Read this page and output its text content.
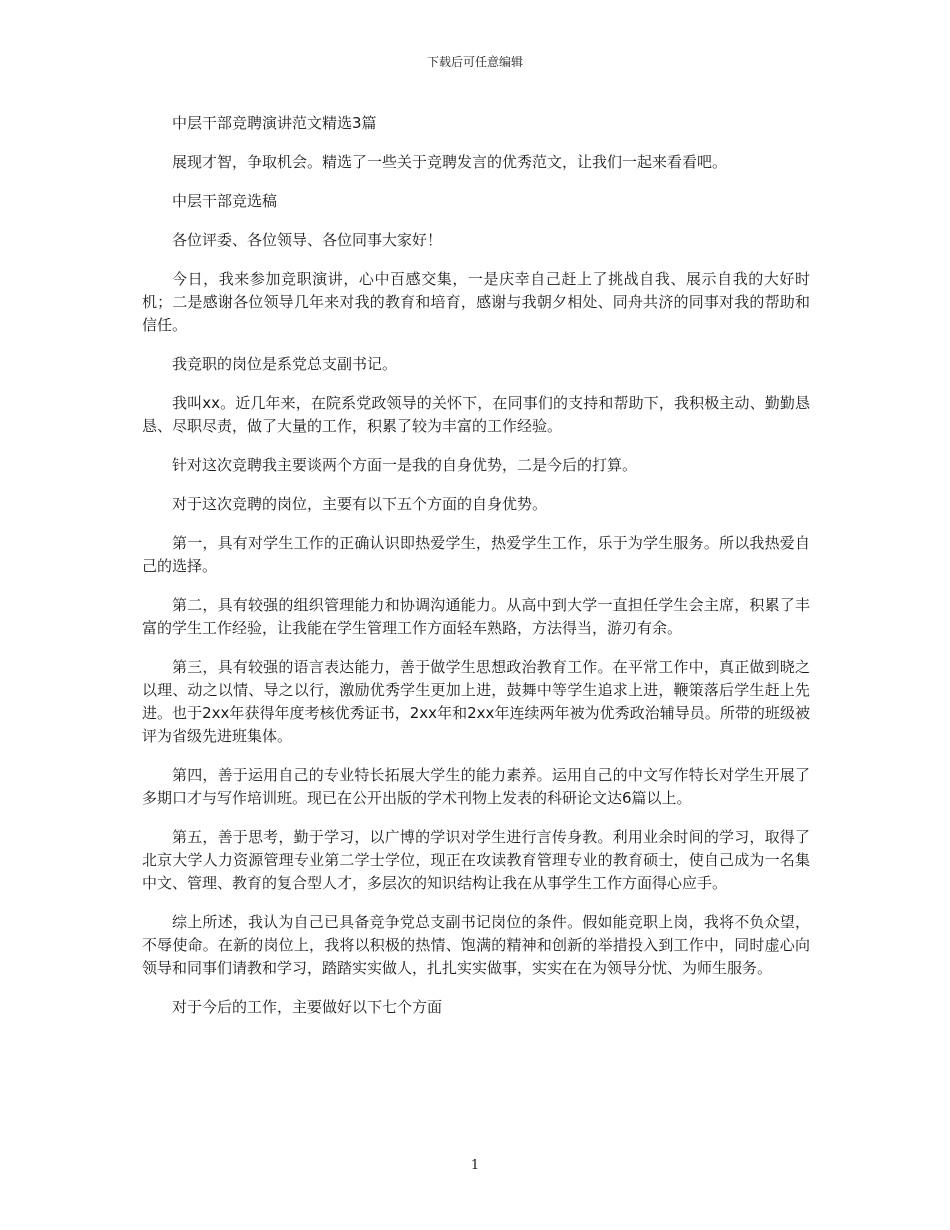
下载后可任意编辑

中层干部竞聘演讲范文精选3篇

展现才智，争取机会。精选了一些关于竞聘发言的优秀范文，让我们一起来看看吧。

中层干部竞选稿

各位评委、各位领导、各位同事大家好！

今日，我来参加竞职演讲，心中百感交集，一是庆幸自己赶上了挑战自我、展示自我的大好时机；二是感谢各位领导几年来对我的教育和培育，感谢与我朝夕相处、同舟共济的同事对我的帮助和信任。

我竞职的岗位是系党总支副书记。

我叫xx。近几年来，在院系党政领导的关怀下，在同事们的支持和帮助下，我积极主动、勤勤恳恳、尽职尽责，做了大量的工作，积累了较为丰富的工作经验。

针对这次竞聘我主要谈两个方面一是我的自身优势，二是今后的打算。

对于这次竞聘的岗位，主要有以下五个方面的自身优势。

第一，具有对学生工作的正确认识即热爱学生，热爱学生工作，乐于为学生服务。所以我热爱自己的选择。

第二，具有较强的组织管理能力和协调沟通能力。从高中到大学一直担任学生会主席，积累了丰富的学生工作经验，让我能在学生管理工作方面轻车熟路，方法得当，游刃有余。

第三，具有较强的语言表达能力，善于做学生思想政治教育工作。在平常工作中，真正做到晓之以理、动之以情、导之以行，激励优秀学生更加上进，鼓舞中等学生追求上进，鞭策落后学生赶上先进。也于2xx年获得年度考核优秀证书，2xx年和2xx年连续两年被为优秀政治辅导员。所带的班级被评为省级先进班集体。

第四，善于运用自己的专业特长拓展大学生的能力素养。运用自己的中文写作特长对学生开展了多期口才与写作培训班。现已在公开出版的学术刊物上发表的科研论文达6篇以上。

第五，善于思考，勤于学习，以广博的学识对学生进行言传身教。利用业余时间的学习，取得了北京大学人力资源管理专业第二学士学位，现正在攻读教育管理专业的教育硕士，使自己成为一名集中文、管理、教育的复合型人才，多层次的知识结构让我在从事学生工作方面得心应手。

综上所述，我认为自己已具备竞争党总支副书记岗位的条件。假如能竞职上岗，我将不负众望，不辱使命。在新的岗位上，我将以积极的热情、饱满的精神和创新的举措投入到工作中，同时虚心向领导和同事们请教和学习，踏踏实实做人，扎扎实实做事，实实在在为领导分忧、为师生服务。

对于今后的工作，主要做好以下七个方面

1
